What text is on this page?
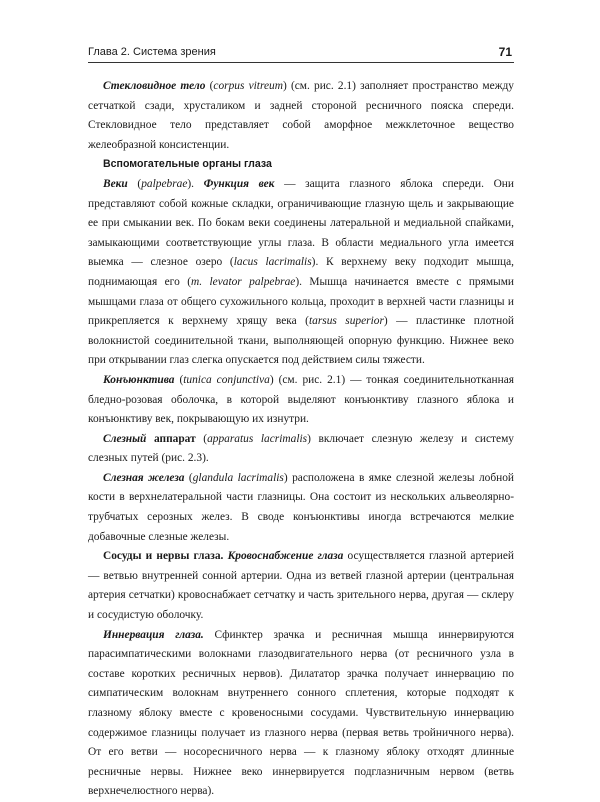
Глава 2. Система зрения	71

Стекловидное тело (corpus vitreum) (см. рис. 2.1) заполняет пространство между сетчаткой сзади, хрусталиком и задней стороной ресничного пояска спереди. Стекловидное тело представляет собой аморфное межклеточное вещество желеобразной консистенции.

Вспомогательные органы глаза

Веки (palpebrae). Функция век — защита глазного яблока спереди. Они представляют собой кожные складки, ограничивающие глазную щель и закрывающие ее при смыкании век. По бокам веки соединены латеральной и медиальной спайками, замыкающими соответствующие углы глаза. В области медиального угла имеется выемка — слезное озеро (lacus lacrimalis). К верхнему веку подходит мышца, поднимающая его (m. levator palpebrae). Мышца начинается вместе с прямыми мышцами глаза от общего сухожильного кольца, проходит в верхней части глазницы и прикрепляется к верхнему хрящу века (tarsus superior) — пластинке плотной волокнистой соединительной ткани, выполняющей опорную функцию. Нижнее веко при открывании глаз слегка опускается под действием силы тяжести.

Конъюнктива (tunica conjunctiva) (см. рис. 2.1) — тонкая соединительнотканная бледно-розовая оболочка, в которой выделяют конъюнктиву глазного яблока и конъюнктиву век, покрывающую их изнутри.

Слезный аппарат (apparatus lacrimalis) включает слезную железу и систему слезных путей (рис. 2.3).

Слезная железа (glandula lacrimalis) расположена в ямке слезной железы лобной кости в верхнелатеральной части глазницы. Она состоит из нескольких альвеолярно-трубчатых серозных желез. В своде конъюнктивы иногда встречаются мелкие добавочные слезные железы.

Сосуды и нервы глаза. Кровоснабжение глаза осуществляется глазной артерией — ветвью внутренней сонной артерии. Одна из ветвей глазной артерии (центральная артерия сетчатки) кровоснабжает сетчатку и часть зрительного нерва, другая — склеру и сосудистую оболочку.

Иннервация глаза. Сфинктер зрачка и ресничная мышца иннервируются парасимпатическими волокнами глазодвигательного нерва (от ресничного узла в составе коротких ресничных нервов). Дилататор зрачка получает иннервацию по симпатическим волокнам внутреннего сонного сплетения, которые подходят к глазному яблоку вместе с кровеносными сосудами. Чувствительную иннервацию содержимое глазницы получает из глазного нерва (первая ветвь тройничного нерва). От его ветви — носоресничного нерва — к глазному яблоку отходят длинные ресничные нервы. Нижнее веко иннервируется подглазничным нервом (ветвь верхнечелюстного нерва).
